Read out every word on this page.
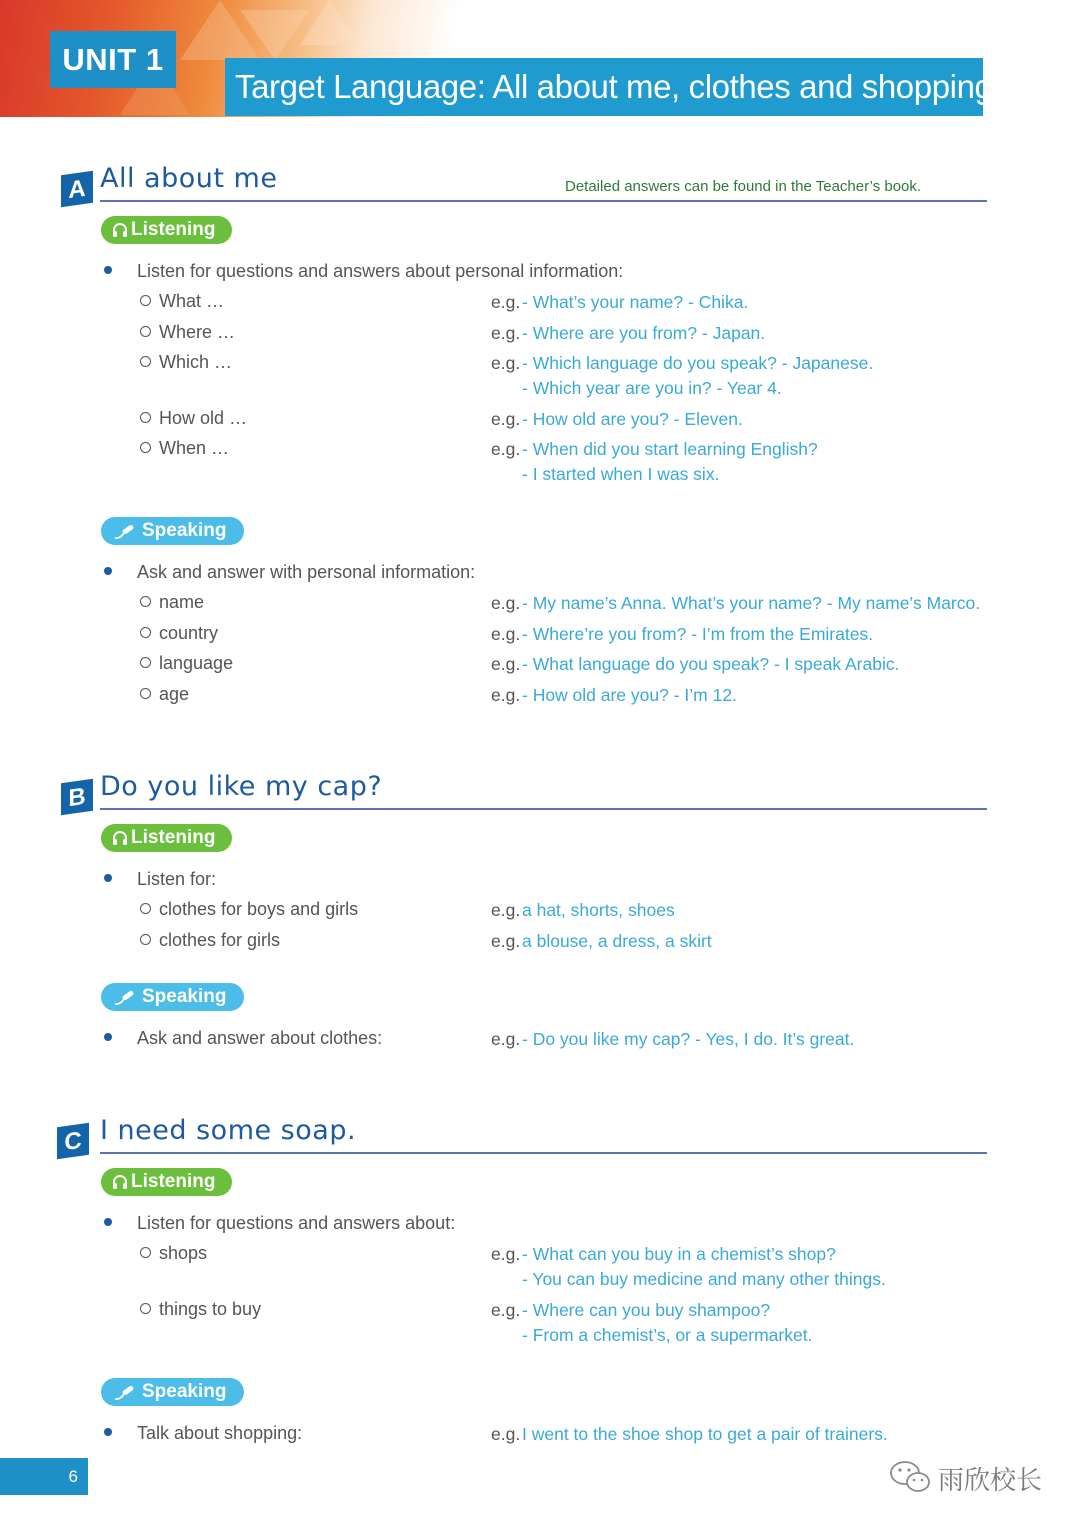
UNIT 1
Target Language: All about me, clothes and shopping
A All about me	Detailed answers can be found in the Teacher’s book.
Listening
Listen for questions and answers about personal information:
What …	e.g. - What’s your name? - Chika.
Where …	e.g. - Where are you from? - Japan.
Which …	e.g. - Which language do you speak? - Japanese.
- Which year are you in? - Year 4.
How old …	e.g. - How old are you? - Eleven.
When …	e.g. - When did you start learning English?
- I started when I was six.
Speaking
Ask and answer with personal information:
name	e.g. - My name’s Anna. What’s your name? - My name’s Marco.
country	e.g. - Where’re you from? - I’m from the Emirates.
language	e.g. - What language do you speak? - I speak Arabic.
age	e.g. - How old are you? - I’m 12.
B Do you like my cap?
Listening
Listen for:
clothes for boys and girls	e.g. a hat, shorts, shoes
clothes for girls	e.g. a blouse, a dress, a skirt
Speaking
Ask and answer about clothes:	e.g. - Do you like my cap? - Yes, I do. It’s great.
C I need some soap.
Listening
Listen for questions and answers about:
shops	e.g. - What can you buy in a chemist’s shop?
- You can buy medicine and many other things.
things to buy	e.g. - Where can you buy shampoo?
- From a chemist’s, or a supermarket.
Speaking
Talk about shopping:	e.g. I went to the shoe shop to get a pair of trainers.
6	雨欣校长
